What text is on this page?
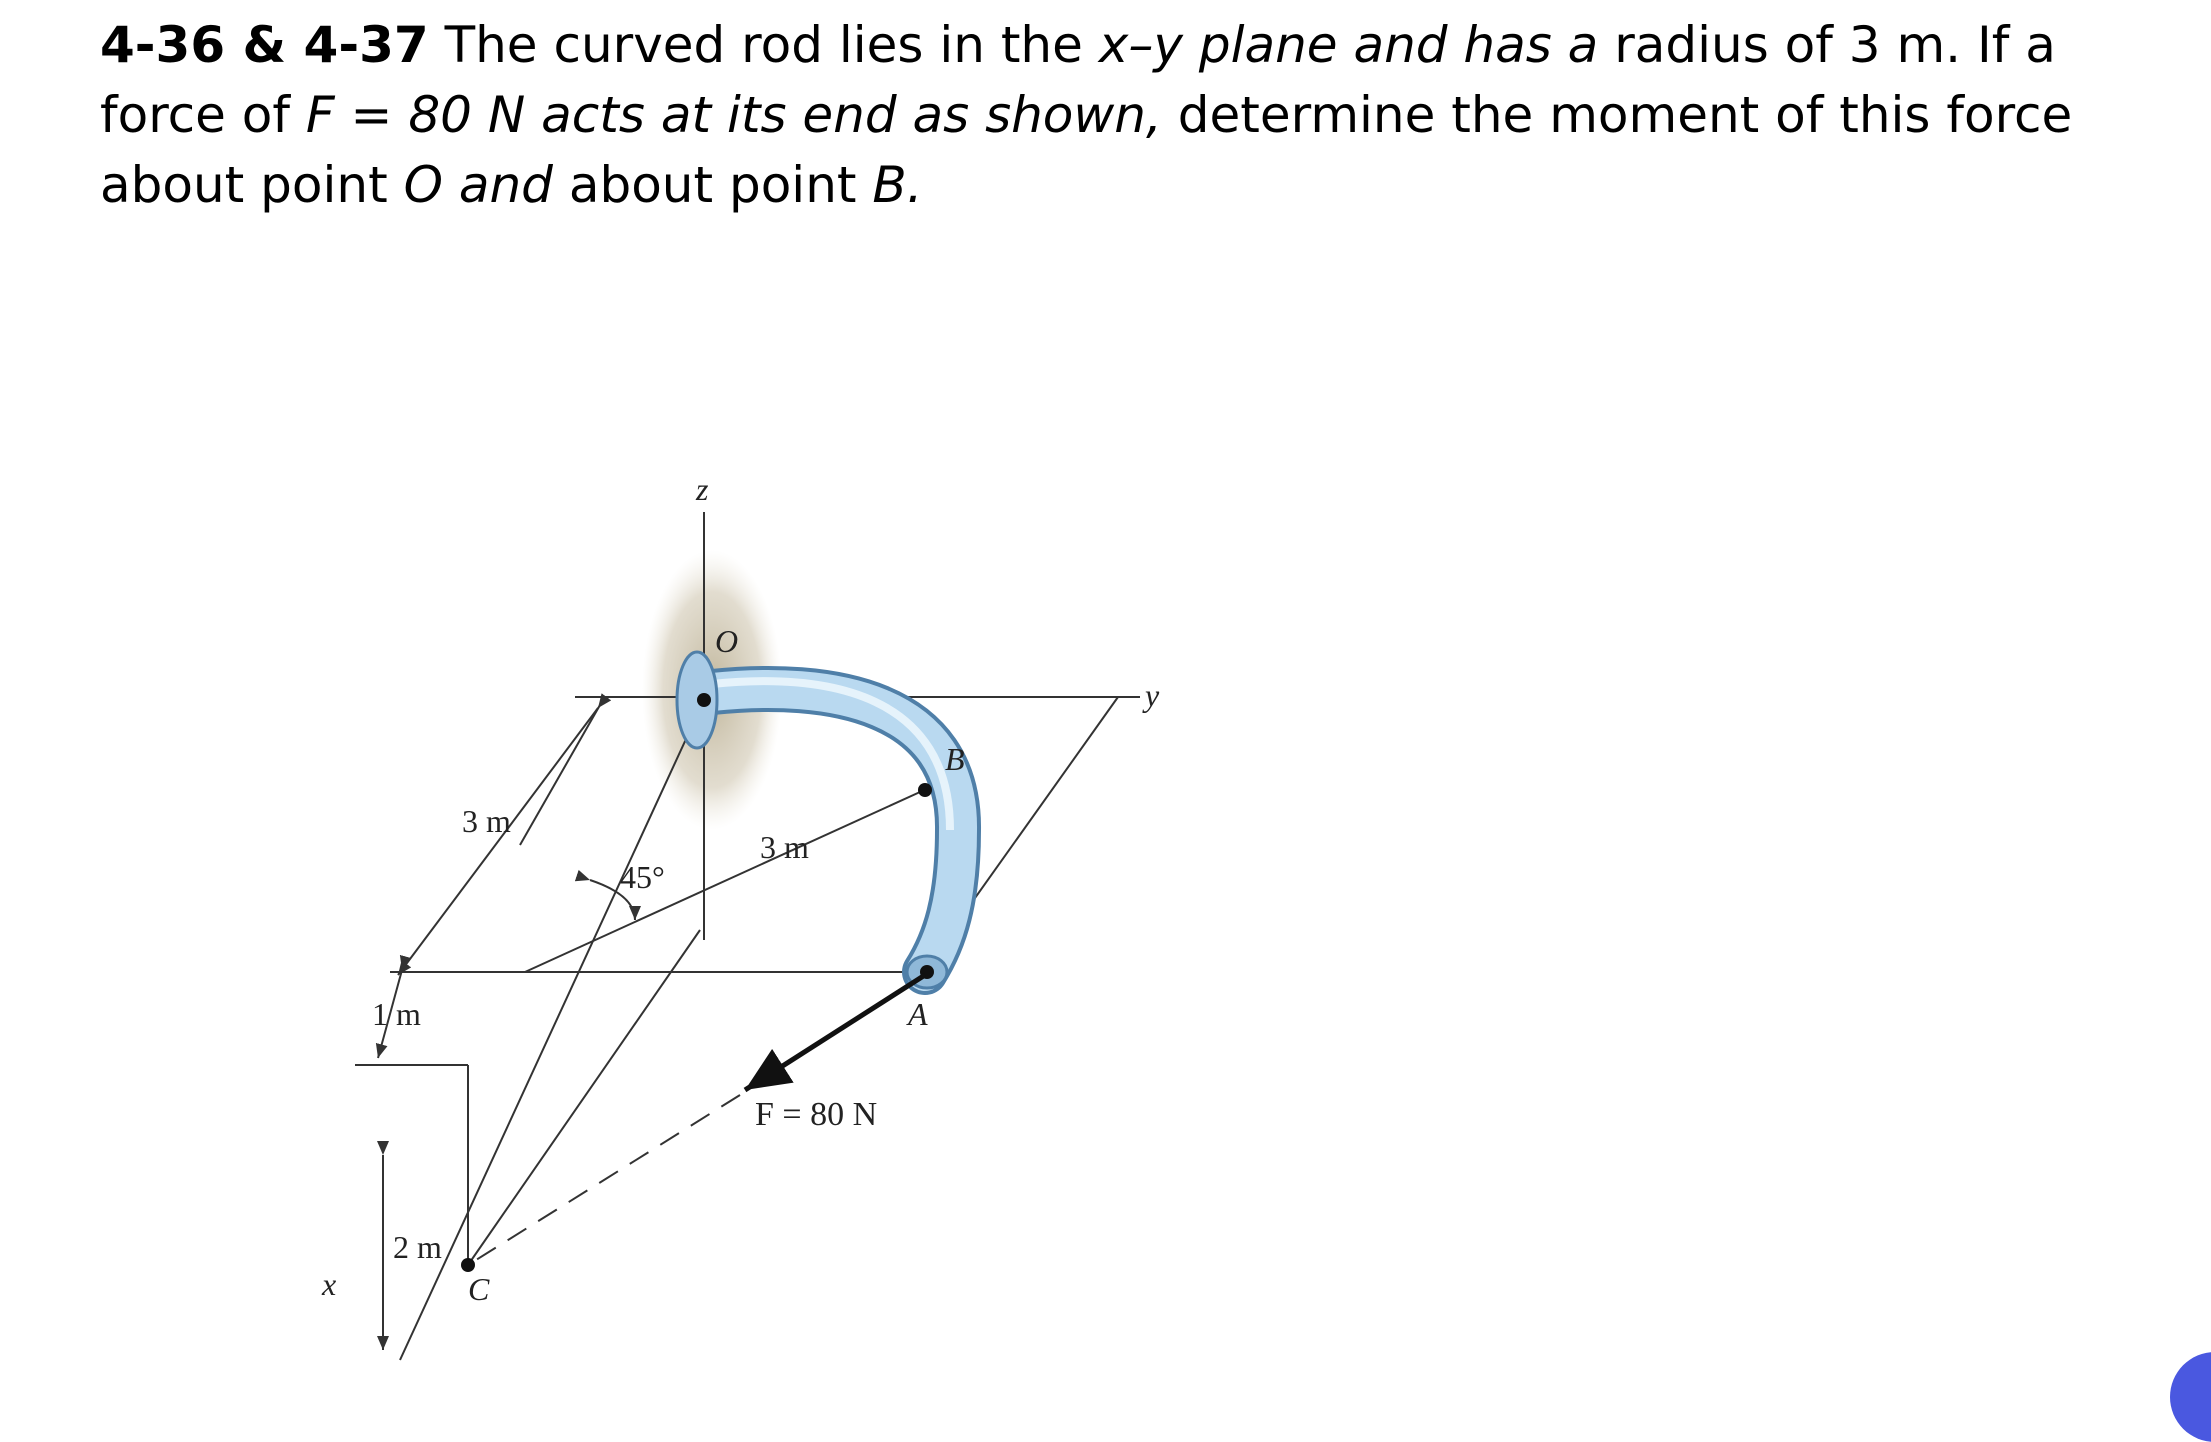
4-36 & 4-37 The curved rod lies in the x–y plane and has a radius of 3 m. If a force of F = 80 N acts at its end as shown, determine the moment of this force about point O and about point B.

z
y
x
O
B
A
C
3 m
3 m
45°
1 m
2 m
F = 80 N
